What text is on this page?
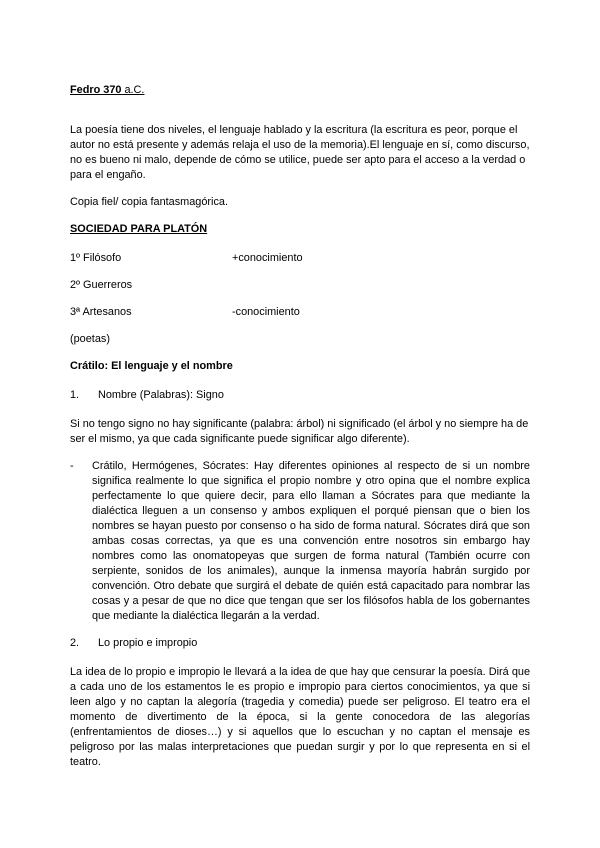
Fedro 370 a.C.

La poesía tiene dos niveles, el lenguaje hablado y la escritura (la escritura es peor, porque el autor no está presente y además relaja el uso de la memoria).El lenguaje en sí, como discurso, no es bueno ni malo, depende de cómo se utilice, puede ser apto para el acceso a la verdad o para el engaño.

Copia fiel/ copia fantasmagórica.

SOCIEDAD PARA PLATÓN

1º Filósofo	+conocimiento

2º Guerreros

3ª Artesanos	-conocimiento

(poetas)

Crátilo: El lenguaje y el nombre

1. Nombre (Palabras): Signo

Si no tengo signo no hay significante (palabra: árbol) ni significado (el árbol y no siempre ha de ser el mismo, ya que cada significante puede significar algo diferente).

- Crátilo, Hermógenes, Sócrates: Hay diferentes opiniones al respecto de si un nombre significa realmente lo que significa el propio nombre y otro opina que el nombre explica perfectamente lo que quiere decir, para ello llaman a Sócrates para que mediante la dialéctica lleguen a un consenso y ambos expliquen el porqué piensan que o bien los nombres se hayan puesto por consenso o ha sido de forma natural. Sócrates dirá que son ambas cosas correctas, ya que es una convención entre nosotros sin embargo hay nombres como las onomatopeyas que surgen de forma natural (También ocurre con serpiente, sonidos de los animales), aunque la inmensa mayoría habrán surgido por convención. Otro debate que surgirá el debate de quién está capacitado para nombrar las cosas y a pesar de que no dice que tengan que ser los filósofos habla de los gobernantes que mediante la dialéctica llegarán a la verdad.

2. Lo propio e impropio

La idea de lo propio e impropio le llevará a la idea de que hay que censurar la poesía. Dirá que a cada uno de los estamentos le es propio e impropio para ciertos conocimientos, ya que si leen algo y no captan la alegoría (tragedia y comedia) puede ser peligroso. El teatro era el momento de divertimento de la época, si la gente conocedora de las alegorías (enfrentamientos de dioses…) y si aquellos que lo escuchan y no captan el mensaje es peligroso por las malas interpretaciones que puedan surgir y por lo que representa en si el teatro.
